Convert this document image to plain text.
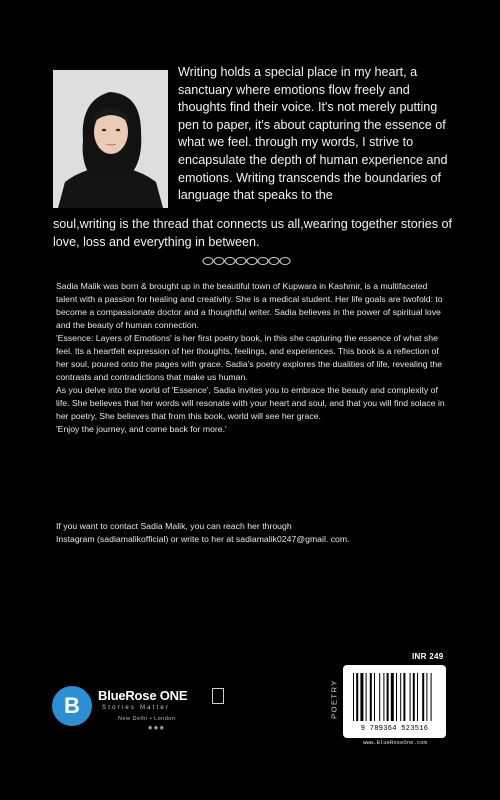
Writing holds a special place in my heart, a sanctuary where emotions flow freely and thoughts find their voice. It's not merely putting pen to paper, it's about capturing the essence of what we feel. through my words, I strive to encapsulate the depth of human experience and emotions. Writing transcends the boundaries of language that speaks to the
soul,writing is the thread that connects us all,wearing together stories of love, loss and everything in between.

Sadia Malik was born & brought up in the beautiful town of Kupwara in Kashmir, is a multifaceted talent with a passion for healing and creativity. She is a medical student. Her life goals are twofold: to become a compassionate doctor and a thoughtful writer. Sadia believes in the power of spiritual love and the beauty of human connection.

'Essence: Layers of Emotions' is her first poetry book, in this she capturing the essence of what she feel. Its a heartfelt expression of her thoughts, feelings, and experiences. This book is a reflection of her soul, poured onto the pages with grace. Sadia's poetry explores the dualities of life, revealing the contrasts and contradictions that make us human.

As you delve into the world of 'Essence', Sadia invites you to embrace the beauty and complexity of life. She believes that her words will resonate with your heart and soul, and that you will find solace in her poetry. She believes that from this book, world will see her grace.

'Enjoy the journey, and come back for more.'

If you want to contact Sadia Malik, you can reach her through

Instagram (sadiamalikofficial) or write to her at sadiamalik0247@gmail. com.

B BlueRose ONE
Stories Matter
New Delhi • London
◉ ◉ ◉
INR 249
POETRY
9 789364 523516
www.BlueRoseOne.com
